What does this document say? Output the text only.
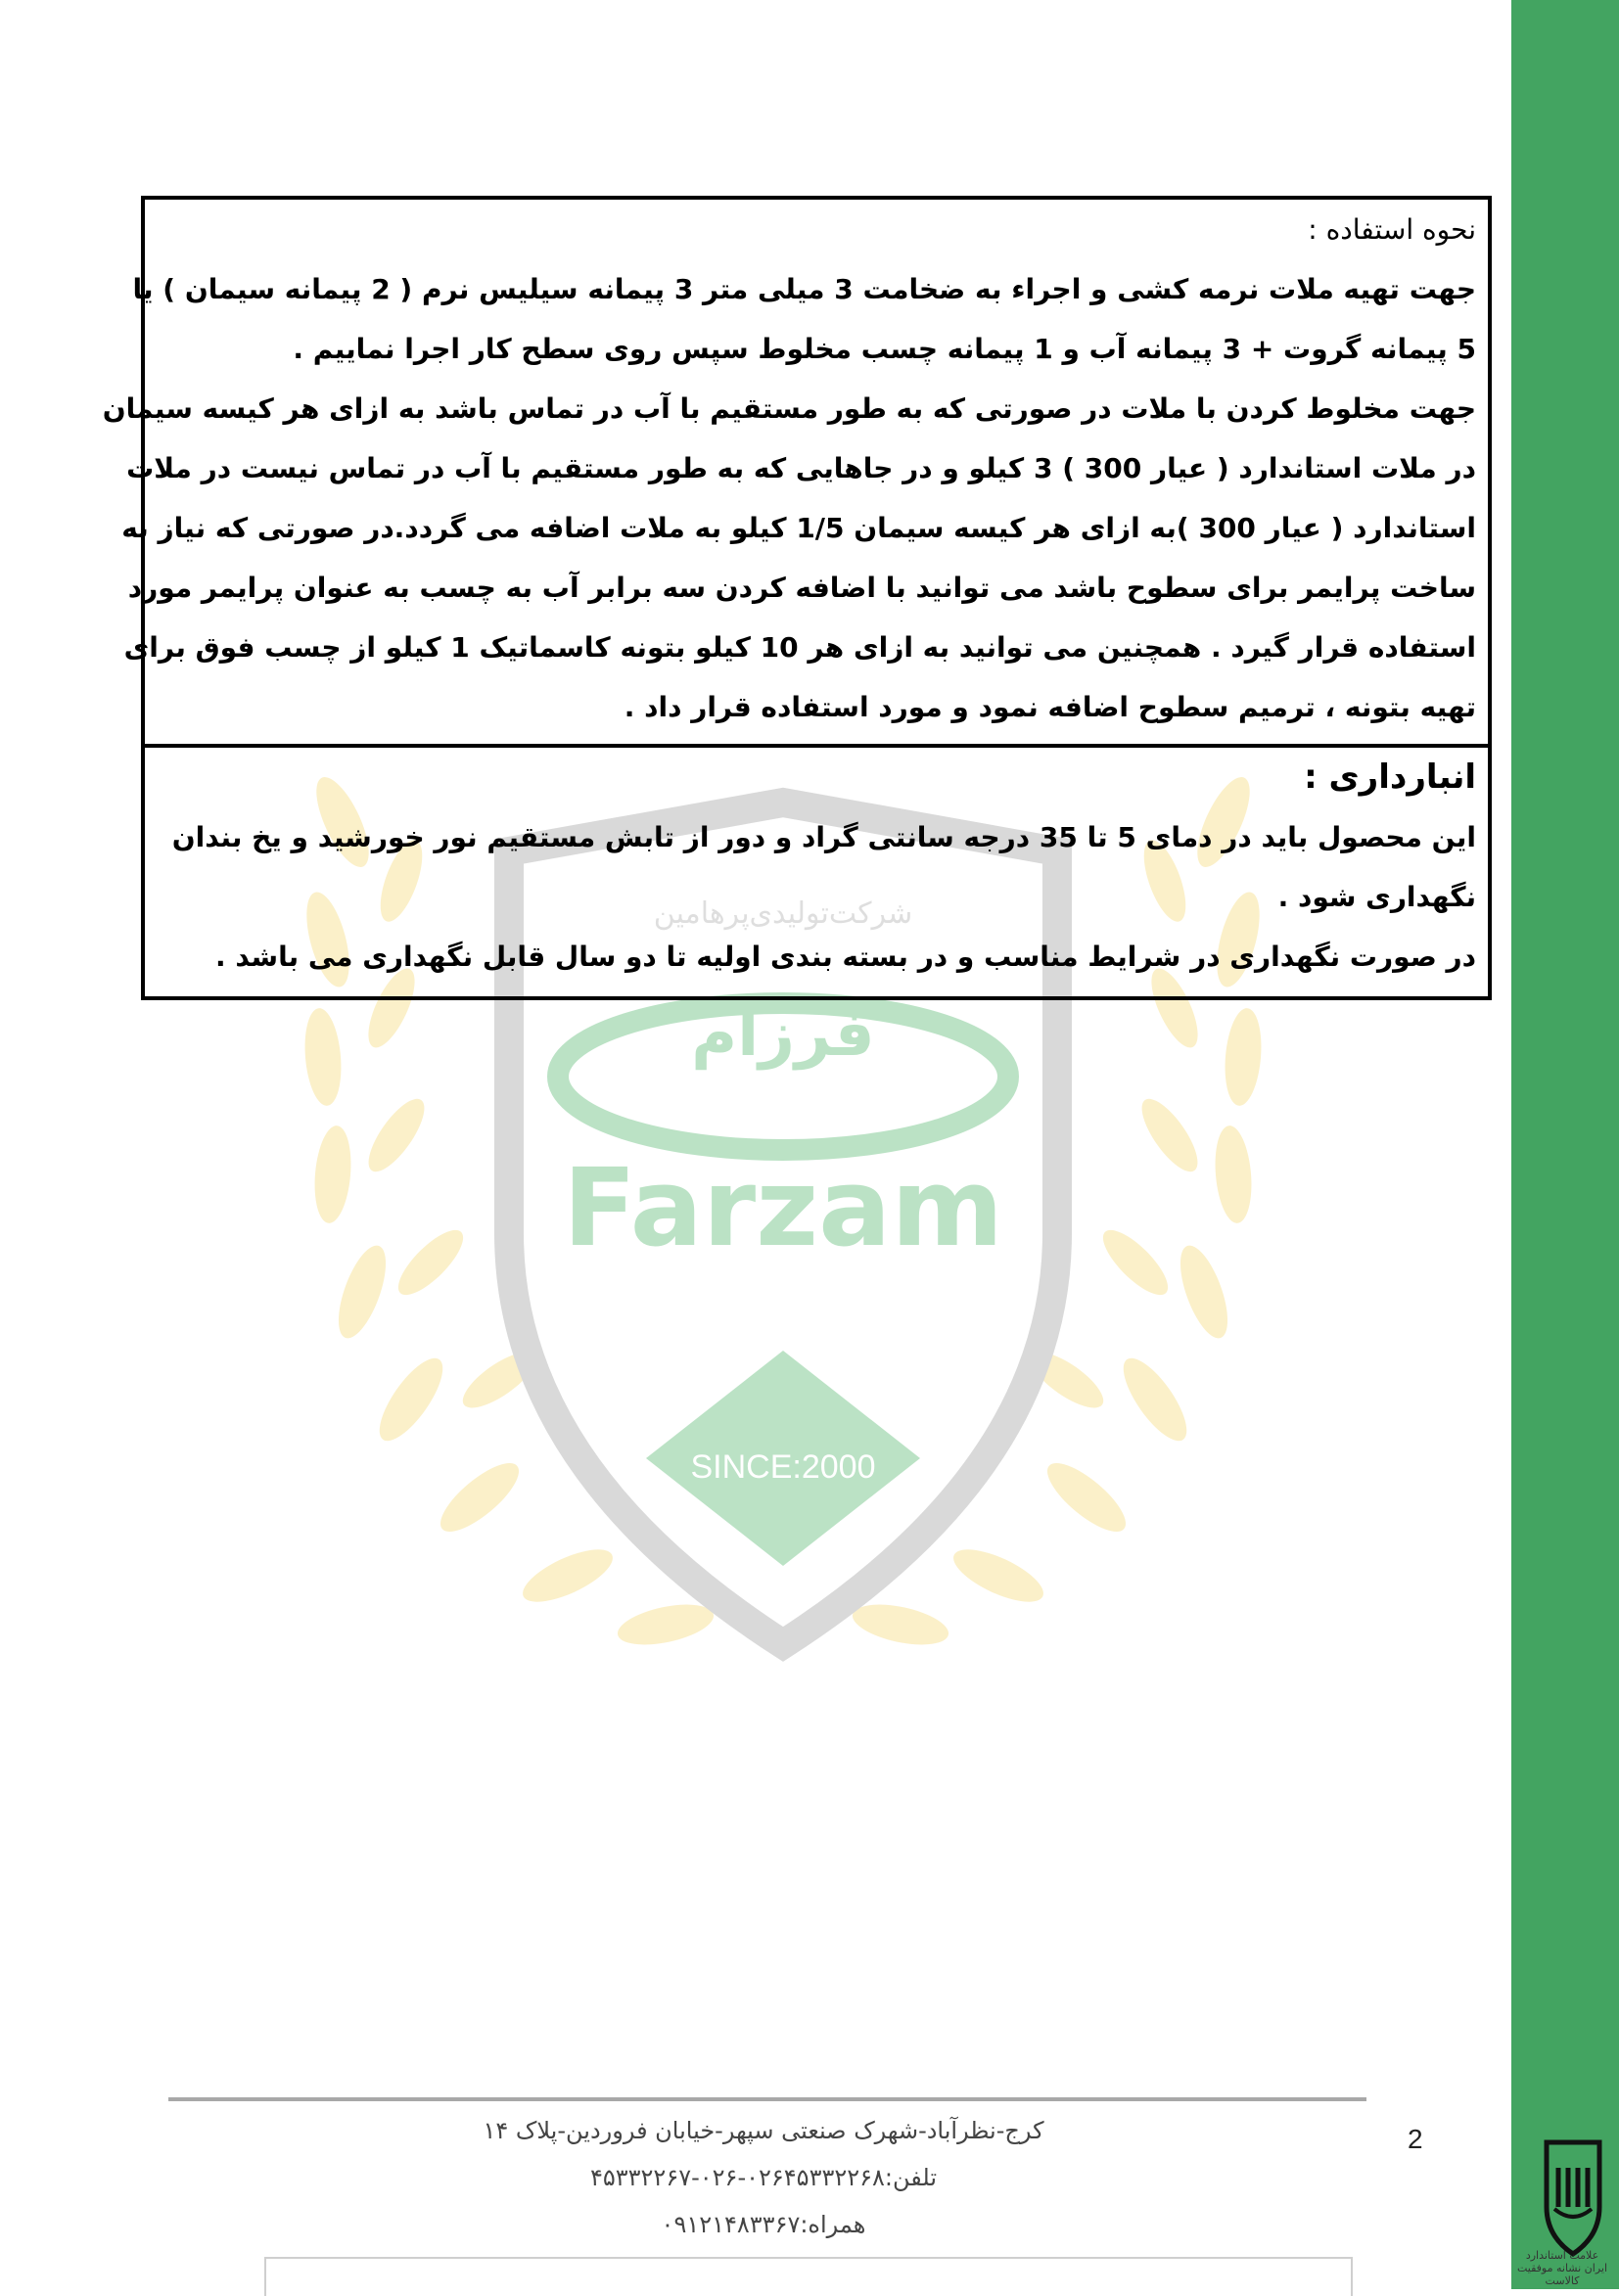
شرکت‌تولیدی‌پرهامین
فرزام
Farzam
SINCE:2000
نحوه استفاده :
جهت تهیه ملات نرمه کشی و اجراء به ضخامت 3 میلی متر 3 پیمانه سیلیس نرم ( 2 پیمانه سیمان ) یا
5 پیمانه گروت + 3 پیمانه آب و 1 پیمانه چسب مخلوط سپس روی سطح کار اجرا نماییم .
جهت مخلوط کردن با ملات در صورتی که به طور مستقیم با آب در تماس باشد به ازای هر کیسه سیمان
در ملات استاندارد ( عیار 300 ) 3 کیلو و در جاهایی که به طور مستقیم با آب در تماس نیست در ملات
استاندارد ( عیار 300 )به ازای هر کیسه سیمان 1/5 کیلو به ملات اضافه می گردد.در صورتی که نیاز به
ساخت پرایمر برای سطوح باشد می توانید با اضافه کردن سه برابر آب به چسب به عنوان پرایمر مورد
استفاده قرار گیرد . همچنین می توانید به ازای هر 10 کیلو بتونه کاسماتیک 1 کیلو از چسب فوق برای
تهیه بتونه ، ترمیم سطوح اضافه نمود و مورد استفاده قرار داد .
انبارداری :
این محصول باید در دمای 5 تا 35 درجه سانتی گراد و دور از تابش مستقیم نور خورشید و یخ بندان
نگهداری شود .
در صورت نگهداری در شرایط مناسب و در بسته بندی اولیه تا دو سال قابل نگهداری می باشد .
کرج-نظرآباد-شهرک صنعتی سپهر-خیابان فروردین-پلاک ۱۴
تلفن:۰۲۶۴۵۳۳۲۲۶۸-۰۲۶-۴۵۳۳۲۲۶۷
همراه:۰۹۱۲۱۴۸۳۳۶۷
2
علامت استاندارد ایران نشانه موفقیت کالاست
